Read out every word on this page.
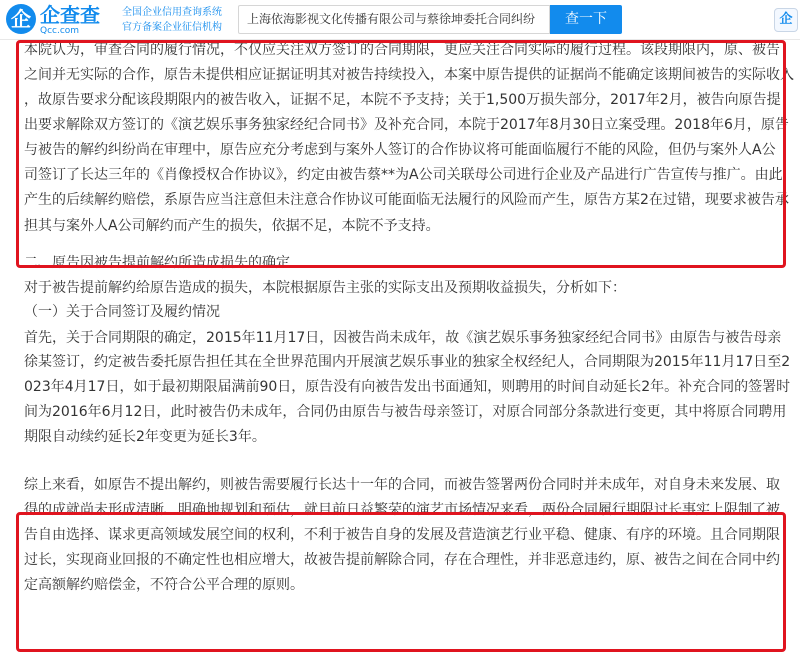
企 企查查
Qcc.com
全国企业信用查询系统
官方备案企业征信机构
上海依海影视文化传播有限公司与蔡徐坤委托合同纠纷	查一下	企
本院认为，审查合同的履行情况，不仅应关注双方签订的合同期限，更应关注合同实际的履行过程。该段期限内，原、被告
之间并无实际的合作，原告未提供相应证据证明其对被告持续投入，本案中原告提供的证据尚不能确定该期间被告的实际收入
，故原告要求分配该段期限内的被告收入，证据不足，本院不予支持；关于1,500万损失部分，2017年2月，被告向原告提
出要求解除双方签订的《演艺娱乐事务独家经纪合同书》及补充合同，本院于2017年8月30日立案受理。2018年6月，原告
与被告的解约纠纷尚在审理中，原告应充分考虑到与案外人签订的合作协议将可能面临履行不能的风险，但仍与案外人A公
司签订了长达三年的《肖像授权合作协议》，约定由被告蔡**为A公司关联母公司进行企业及产品进行广告宣传与推广。由此
产生的后续解约赔偿，系原告应当注意但未注意合作协议可能面临无法履行的风险而产生，原告方某2在过错，现要求被告承
担其与案外人A公司解约而产生的损失，依据不足，本院不予支持。
二、原告因被告提前解约所造成损失的确定
对于被告提前解约给原告造成的损失，本院根据原告主张的实际支出及预期收益损失，分析如下：
（一）关于合同签订及履约情况
首先，关于合同期限的确定，2015年11月17日，因被告尚未成年，故《演艺娱乐事务独家经纪合同书》由原告与被告母亲
徐某签订，约定被告委托原告担任其在全世界范围内开展演艺娱乐事业的独家全权经纪人，合同期限为2015年11月17日至2
023年4月17日，如于最初期限届满前90日，原告没有向被告发出书面通知，则聘用的时间自动延长2年。补充合同的签署时
间为2016年6月12日，此时被告仍未成年，合同仍由原告与被告母亲签订，对原合同部分条款进行变更，其中将原合同聘用
期限自动续约延长2年变更为延长3年。
综上来看，如原告不提出解约，则被告需要履行长达十一年的合同，而被告签署两份合同时并未成年，对自身未来发展、取
得的成就尚未形成清晰、明确地规划和预估，就目前日益繁荣的演艺市场情况来看，两份合同履行期限过长事实上限制了被
告自由选择、谋求更高领域发展空间的权利，不利于被告自身的发展及营造演艺行业平稳、健康、有序的环境。且合同期限
过长，实现商业回报的不确定性也相应增大，故被告提前解除合同，存在合理性，并非恶意违约，原、被告之间在合同中约
定高额解约赔偿金，不符合公平合理的原则。
